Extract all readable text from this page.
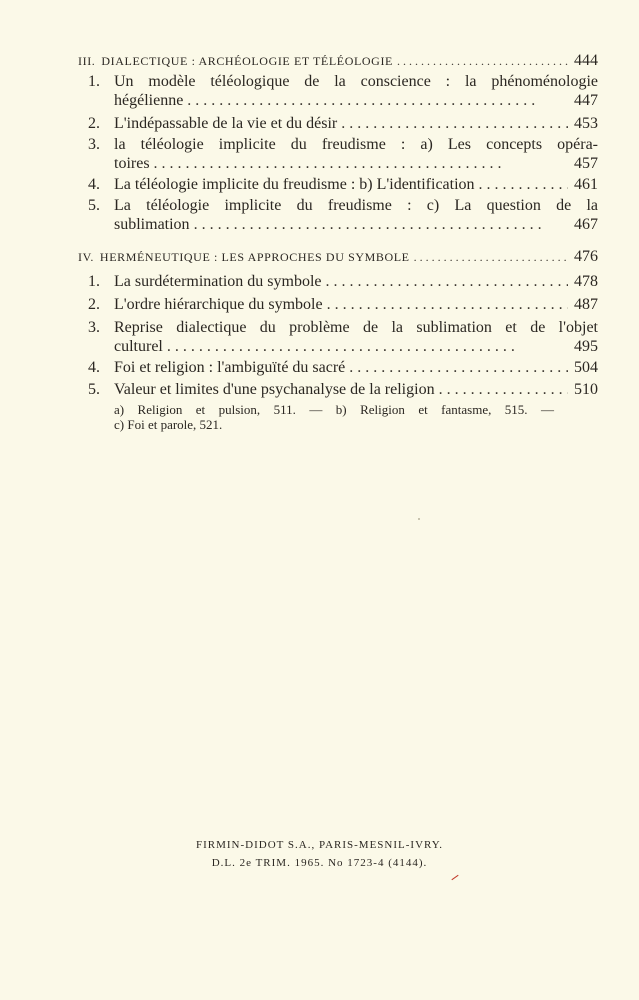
III. DIALECTIQUE : ARCHÉOLOGIE ET TÉLÉOLOGIE . .	444
1. Un modèle téléologique de la conscience : la phénoménologie
hégélienne . .	447
2. L'indépassable de la vie et du désir . .	453
3. la téléologie implicite du freudisme : a) Les concepts opéra-
toires . .	457
4. La téléologie implicite du freudisme : b) L'identification . .	461
5. La téléologie implicite du freudisme : c) La question de la
sublimation . .	467
IV. HERMÉNEUTIQUE : LES APPROCHES DU SYMBOLE . .	476
1. La surdétermination du symbole . .	478
2. L'ordre hiérarchique du symbole . .	487
3. Reprise dialectique du problème de la sublimation et de l'objet
culturel . .	495
4. Foi et religion : l'ambiguïté du sacré . .	504
5. Valeur et limites d'une psychanalyse de la religion . .	510
a) Religion et pulsion, 511. — b) Religion et fantasme, 515. —
c) Foi et parole, 521.
FIRMIN-DIDOT S.A., PARIS-MESNIL-IVRY.
D.L. 2e TRIM. 1965. No 1723-4 (4144).
